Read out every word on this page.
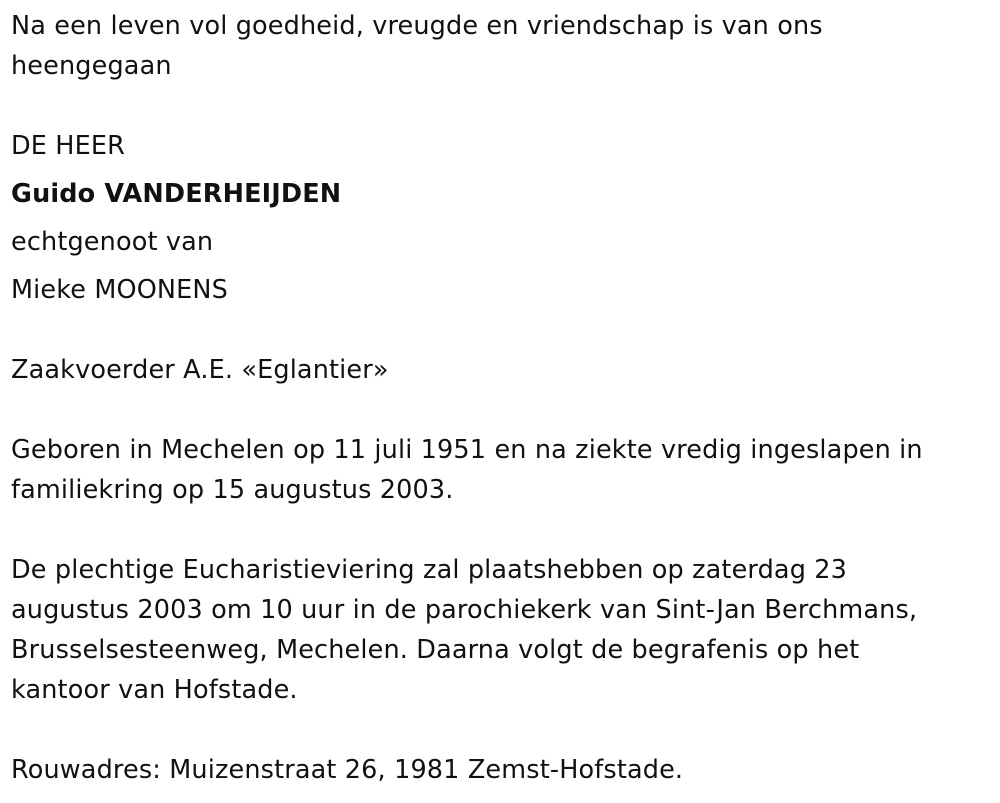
Na een leven vol goedheid, vreugde en vriendschap is van ons
heengegaan
DE HEER
Guido VANDERHEIJDEN
echtgenoot van
Mieke MOONENS
Zaakvoerder A.E. «Eglantier»
Geboren in Mechelen op 11 juli 1951 en na ziekte vredig ingeslapen in
familiekring op 15 augustus 2003.
De plechtige Eucharistieviering zal plaatshebben op zaterdag 23
augustus 2003 om 10 uur in de parochiekerk van Sint-Jan Berchmans,
Brusselsesteenweg, Mechelen. Daarna volgt de begrafenis op het
kantoor van Hofstade.
Rouwadres: Muizenstraat 26, 1981 Zemst-Hofstade.
